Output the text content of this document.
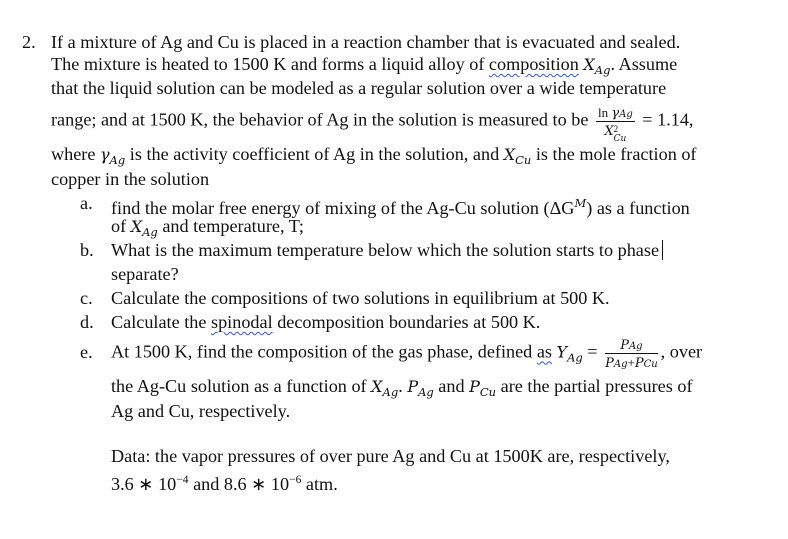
2. If a mixture of Ag and Cu is placed in a reaction chamber that is evacuated and sealed.
The mixture is heated to 1500 K and forms a liquid alloy of composition $X_{Ag}$. Assume
that the liquid solution can be modeled as a regular solution over a wide temperature
range; and at 1500 K, the behavior of Ag in the solution is measured to be ln γAg
X 2
Cu = 1.14,
where $\gamma_{Ag}$ is the activity coefficient of Ag in the solution, and $X_{Cu}$ is the mole fraction of
copper in the solution
a. find the molar free energy of mixing of the Ag-Cu solution $(\Delta G^M)$ as a function
of $X_{Ag}$ and temperature, T;
b. What is the maximum temperature below which the solution starts to phase
separate?
c. Calculate the compositions of two solutions in equilibrium at 500 K.
d. Calculate the spinodal decomposition boundaries at 500 K.
e. At 1500 K, find the composition of the gas phase, defined as $Y_{Ag} = \frac{\text{PAg}}{\text{PAg+PCu}}$ , over
the Ag-Cu solution as a function of $X_{Ag}$. $P_{Ag}$ and $P_{Cu}$ are the partial pressures of
Ag and Cu, respectively.
Data: the vapor pressures of over pure Ag and Cu at 1500K are, respectively,
3.6 ∗ $10^{-4}$ and 8.6 ∗ $10^{-6}$ atm.
